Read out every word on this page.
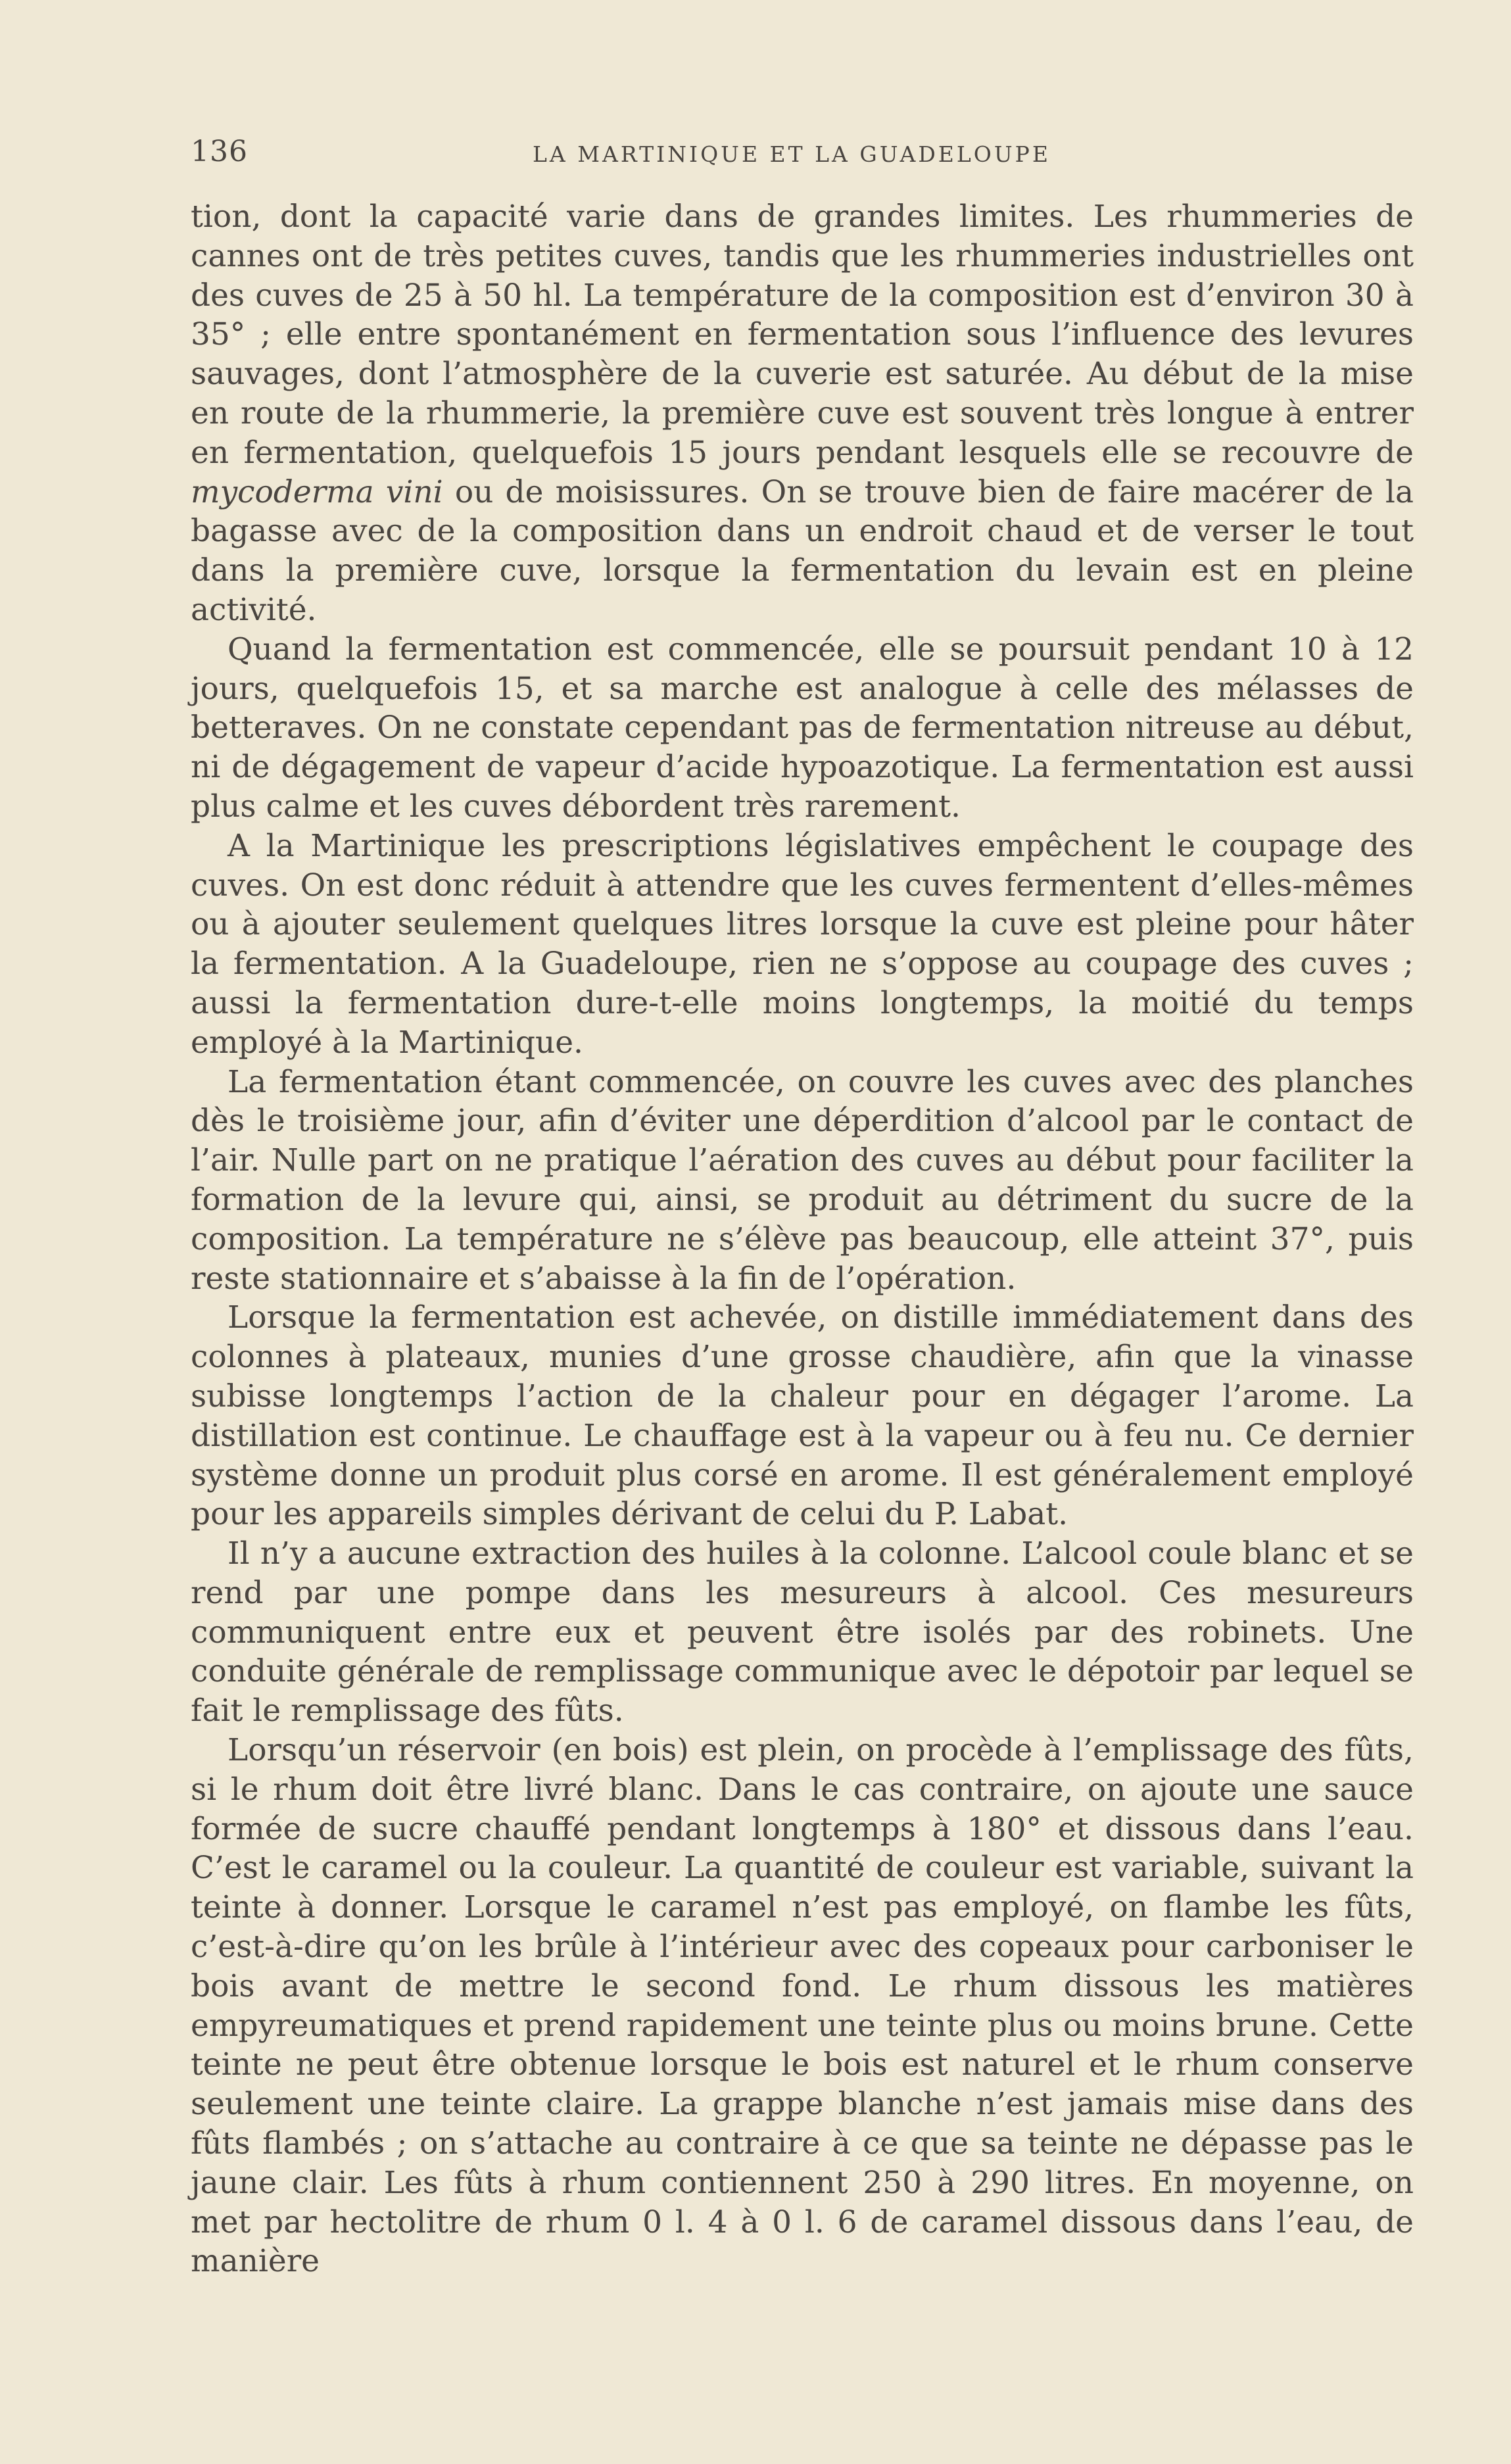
136	LA MARTINIQUE ET LA GUADELOUPE

tion, dont la capacité varie dans de grandes limites. Les rhummeries de cannes ont de très petites cuves, tandis que les rhummeries industrielles ont des cuves de 25 à 50 hl. La température de la composition est d’environ 30 à 35° ; elle entre spontanément en fermentation sous l’influence des levures sauvages, dont l’atmosphère de la cuverie est saturée. Au début de la mise en route de la rhummerie, la première cuve est souvent très longue à entrer en fermentation, quelquefois 15 jours pendant lesquels elle se recouvre de mycoderma vini ou de moisissures. On se trouve bien de faire macérer de la bagasse avec de la composition dans un endroit chaud et de verser le tout dans la première cuve, lorsque la fermentation du levain est en pleine activité.

Quand la fermentation est commencée, elle se poursuit pendant 10 à 12 jours, quelquefois 15, et sa marche est analogue à celle des mélasses de betteraves. On ne constate cependant pas de fermentation nitreuse au début, ni de dégagement de vapeur d’acide hypoazotique. La fermentation est aussi plus calme et les cuves débordent très rarement.

A la Martinique les prescriptions législatives empêchent le coupage des cuves. On est donc réduit à attendre que les cuves fermentent d’elles-mêmes ou à ajouter seulement quelques litres lorsque la cuve est pleine pour hâter la fermentation. A la Guadeloupe, rien ne s’oppose au coupage des cuves ; aussi la fermentation dure-t-elle moins longtemps, la moitié du temps employé à la Martinique.

La fermentation étant commencée, on couvre les cuves avec des planches dès le troisième jour, afin d’éviter une déperdition d’alcool par le contact de l’air. Nulle part on ne pratique l’aération des cuves au début pour faciliter la formation de la levure qui, ainsi, se produit au détriment du sucre de la composition. La température ne s’élève pas beaucoup, elle atteint 37°, puis reste stationnaire et s’abaisse à la fin de l’opération.

Lorsque la fermentation est achevée, on distille immédiatement dans des colonnes à plateaux, munies d’une grosse chaudière, afin que la vinasse subisse longtemps l’action de la chaleur pour en dégager l’arome. La distillation est continue. Le chauffage est à la vapeur ou à feu nu. Ce dernier système donne un produit plus corsé en arome. Il est généralement employé pour les appareils simples dérivant de celui du P. Labat.

Il n’y a aucune extraction des huiles à la colonne. L’alcool coule blanc et se rend par une pompe dans les mesureurs à alcool. Ces mesureurs communiquent entre eux et peuvent être isolés par des robinets. Une conduite générale de remplissage communique avec le dépotoir par lequel se fait le remplissage des fûts.

Lorsqu’un réservoir (en bois) est plein, on procède à l’emplissage des fûts, si le rhum doit être livré blanc. Dans le cas contraire, on ajoute une sauce formée de sucre chauffé pendant longtemps à 180° et dissous dans l’eau. C’est le caramel ou la couleur. La quantité de couleur est variable, suivant la teinte à donner. Lorsque le caramel n’est pas employé, on flambe les fûts, c’est-à-dire qu’on les brûle à l’intérieur avec des copeaux pour carboniser le bois avant de mettre le second fond. Le rhum dissous les matières empyreumatiques et prend rapidement une teinte plus ou moins brune. Cette teinte ne peut être obtenue lorsque le bois est naturel et le rhum conserve seulement une teinte claire. La grappe blanche n’est jamais mise dans des fûts flambés ; on s’attache au contraire à ce que sa teinte ne dépasse pas le jaune clair. Les fûts à rhum contiennent 250 à 290 litres. En moyenne, on met par hectolitre de rhum 0 l. 4 à 0 l. 6 de caramel dissous dans l’eau, de manière
